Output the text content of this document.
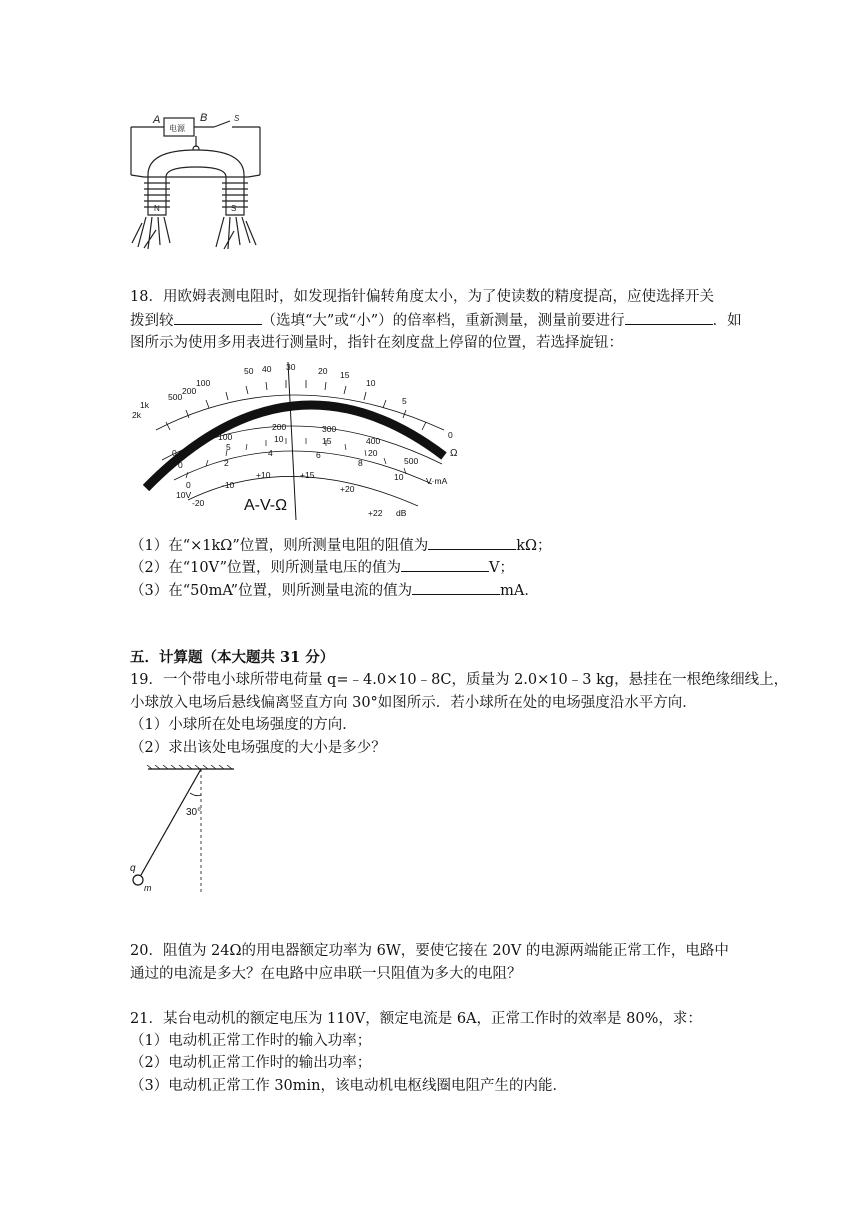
A	B	S
电源
N	S
18．用欧姆表测电阻时，如发现指针偏转角度太小，为了使读数的精度提高，应使选择开关
拨到较	（选填“大”或“小”）的倍率档，重新测量，测量前要进行	．如
图所示为使用多用表进行测量时，指针在刻度盘上停留的位置，若选择旋钮：
2k
1k
500
200
100
50 40 30	20 15
10
5
0
Ω
0
100
200	300
400
500
0
5
10	15
20
0
2
4	6
8
10
-20
-10
+10	+15
+20
+22
V·mA
10V
dB
A-V-Ω
（1）在“×1kΩ”位置，则所测量电阻的阻值为	kΩ；
（2）在“10V”位置，则所测量电压的值为	V；
（3）在“50mA”位置，则所测量电流的值为	mA．
五．计算题（本大题共 31 分）
19．一个带电小球所带电荷量 q=﹣4.0×10﹣8C，质量为 2.0×10﹣3 kg，悬挂在一根绝缘细线上，
小球放入电场后悬线偏离竖直方向 30°如图所示．若小球所在处的电场强度沿水平方向．
（1）小球所在处电场强度的方向．
（2）求出该处电场强度的大小是多少？
30°
q
m
20．阻值为 24Ω的用电器额定功率为 6W，要使它接在 20V 的电源两端能正常工作，电路中
通过的电流是多大？在电路中应串联一只阻值为多大的电阻？
21．某台电动机的额定电压为 110V，额定电流是 6A，正常工作时的效率是 80%，求：
（1）电动机正常工作时的输入功率；
（2）电动机正常工作时的输出功率；
（3）电动机正常工作 30min，该电动机电枢线圈电阻产生的内能．
